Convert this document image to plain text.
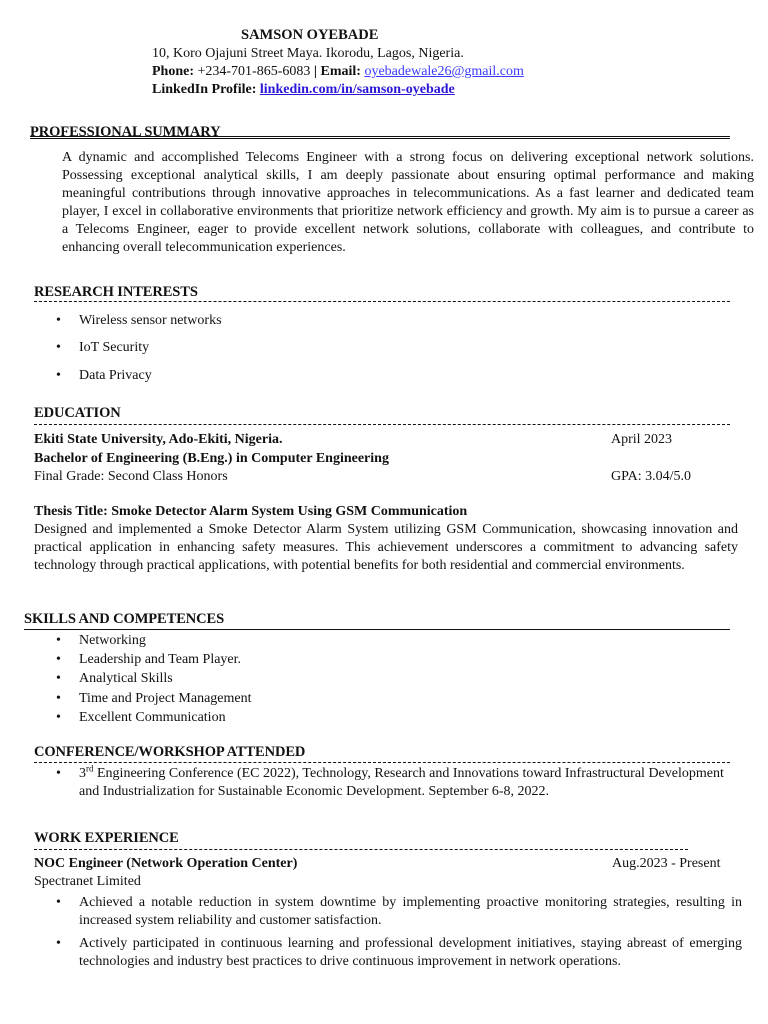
SAMSON OYEBADE
10, Koro Ojajuni Street Maya. Ikorodu, Lagos, Nigeria.
Phone: +234-701-865-6083 | Email: oyebadewale26@gmail.com
LinkedIn Profile: linkedin.com/in/samson-oyebade
PROFESSIONAL SUMMARY
A dynamic and accomplished Telecoms Engineer with a strong focus on delivering exceptional network solutions. Possessing exceptional analytical skills, I am deeply passionate about ensuring optimal performance and making meaningful contributions through innovative approaches in telecommunications. As a fast learner and dedicated team player, I excel in collaborative environments that prioritize network efficiency and growth. My aim is to pursue a career as a Telecoms Engineer, eager to provide excellent network solutions, collaborate with colleagues, and contribute to enhancing overall telecommunication experiences.
RESEARCH INTERESTS
• Wireless sensor networks
• IoT Security
• Data Privacy
EDUCATION
Ekiti State University, Ado-Ekiti, Nigeria.	April 2023
Bachelor of Engineering (B.Eng.) in Computer Engineering
Final Grade: Second Class Honors	GPA: 3.04/5.0
Thesis Title: Smoke Detector Alarm System Using GSM Communication
Designed and implemented a Smoke Detector Alarm System utilizing GSM Communication, showcasing innovation and practical application in enhancing safety measures. This achievement underscores a commitment to advancing safety technology through practical applications, with potential benefits for both residential and commercial environments.
SKILLS AND COMPETENCES
• Networking
• Leadership and Team Player.
• Analytical Skills
• Time and Project Management
• Excellent Communication
CONFERENCE/WORKSHOP ATTENDED
• 3rd Engineering Conference (EC 2022), Technology, Research and Innovations toward Infrastructural Development and Industrialization for Sustainable Economic Development. September 6-8, 2022.
WORK EXPERIENCE
NOC Engineer (Network Operation Center)	Aug.2023 - Present
Spectranet Limited
• Achieved a notable reduction in system downtime by implementing proactive monitoring strategies, resulting in increased system reliability and customer satisfaction.
• Actively participated in continuous learning and professional development initiatives, staying abreast of emerging technologies and industry best practices to drive continuous improvement in network operations.
